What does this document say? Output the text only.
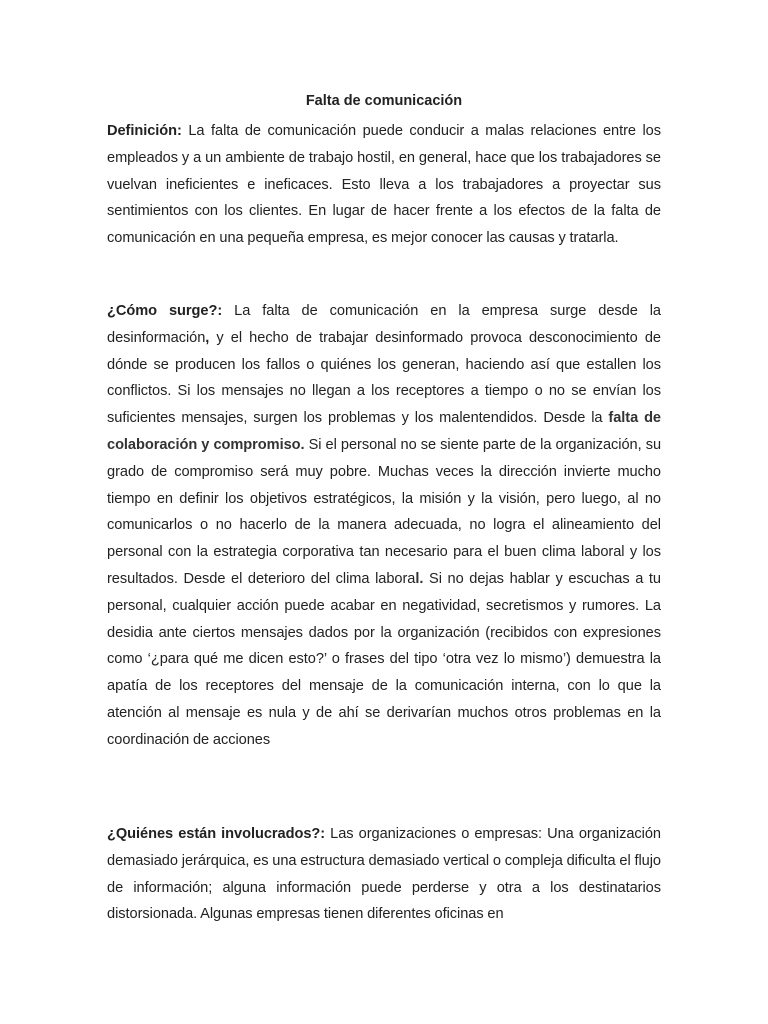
Falta de comunicación

Definición: La falta de comunicación puede conducir a malas relaciones entre los empleados y a un ambiente de trabajo hostil, en general, hace que los trabajadores se vuelvan ineficientes e ineficaces. Esto lleva a los trabajadores a proyectar sus sentimientos con los clientes. En lugar de hacer frente a los efectos de la falta de comunicación en una pequeña empresa, es mejor conocer las causas y tratarla.

¿Cómo surge?: La falta de comunicación en la empresa surge desde la desinformación, y el hecho de trabajar desinformado provoca desconocimiento de dónde se producen los fallos o quiénes los generan, haciendo así que estallen los conflictos. Si los mensajes no llegan a los receptores a tiempo o no se envían los suficientes mensajes, surgen los problemas y los malentendidos. Desde la falta de colaboración y compromiso. Si el personal no se siente parte de la organización, su grado de compromiso será muy pobre. Muchas veces la dirección invierte mucho tiempo en definir los objetivos estratégicos, la misión y la visión, pero luego, al no comunicarlos o no hacerlo de la manera adecuada, no logra el alineamiento del personal con la estrategia corporativa tan necesario para el buen clima laboral y los resultados. Desde el deterioro del clima laboral. Si no dejas hablar y escuchas a tu personal, cualquier acción puede acabar en negatividad, secretismos y rumores. La desidia ante ciertos mensajes dados por la organización (recibidos con expresiones como ‘¿para qué me dicen esto?’ o frases del tipo ‘otra vez lo mismo’) demuestra la apatía de los receptores del mensaje de la comunicación interna, con lo que la atención al mensaje es nula y de ahí se derivarían muchos otros problemas en la coordinación de acciones

¿Quiénes están involucrados?: Las organizaciones o empresas: Una organización demasiado jerárquica, es una estructura demasiado vertical o compleja dificulta el flujo de información; alguna información puede perderse y otra a los destinatarios distorsionada. Algunas empresas tienen diferentes oficinas en
